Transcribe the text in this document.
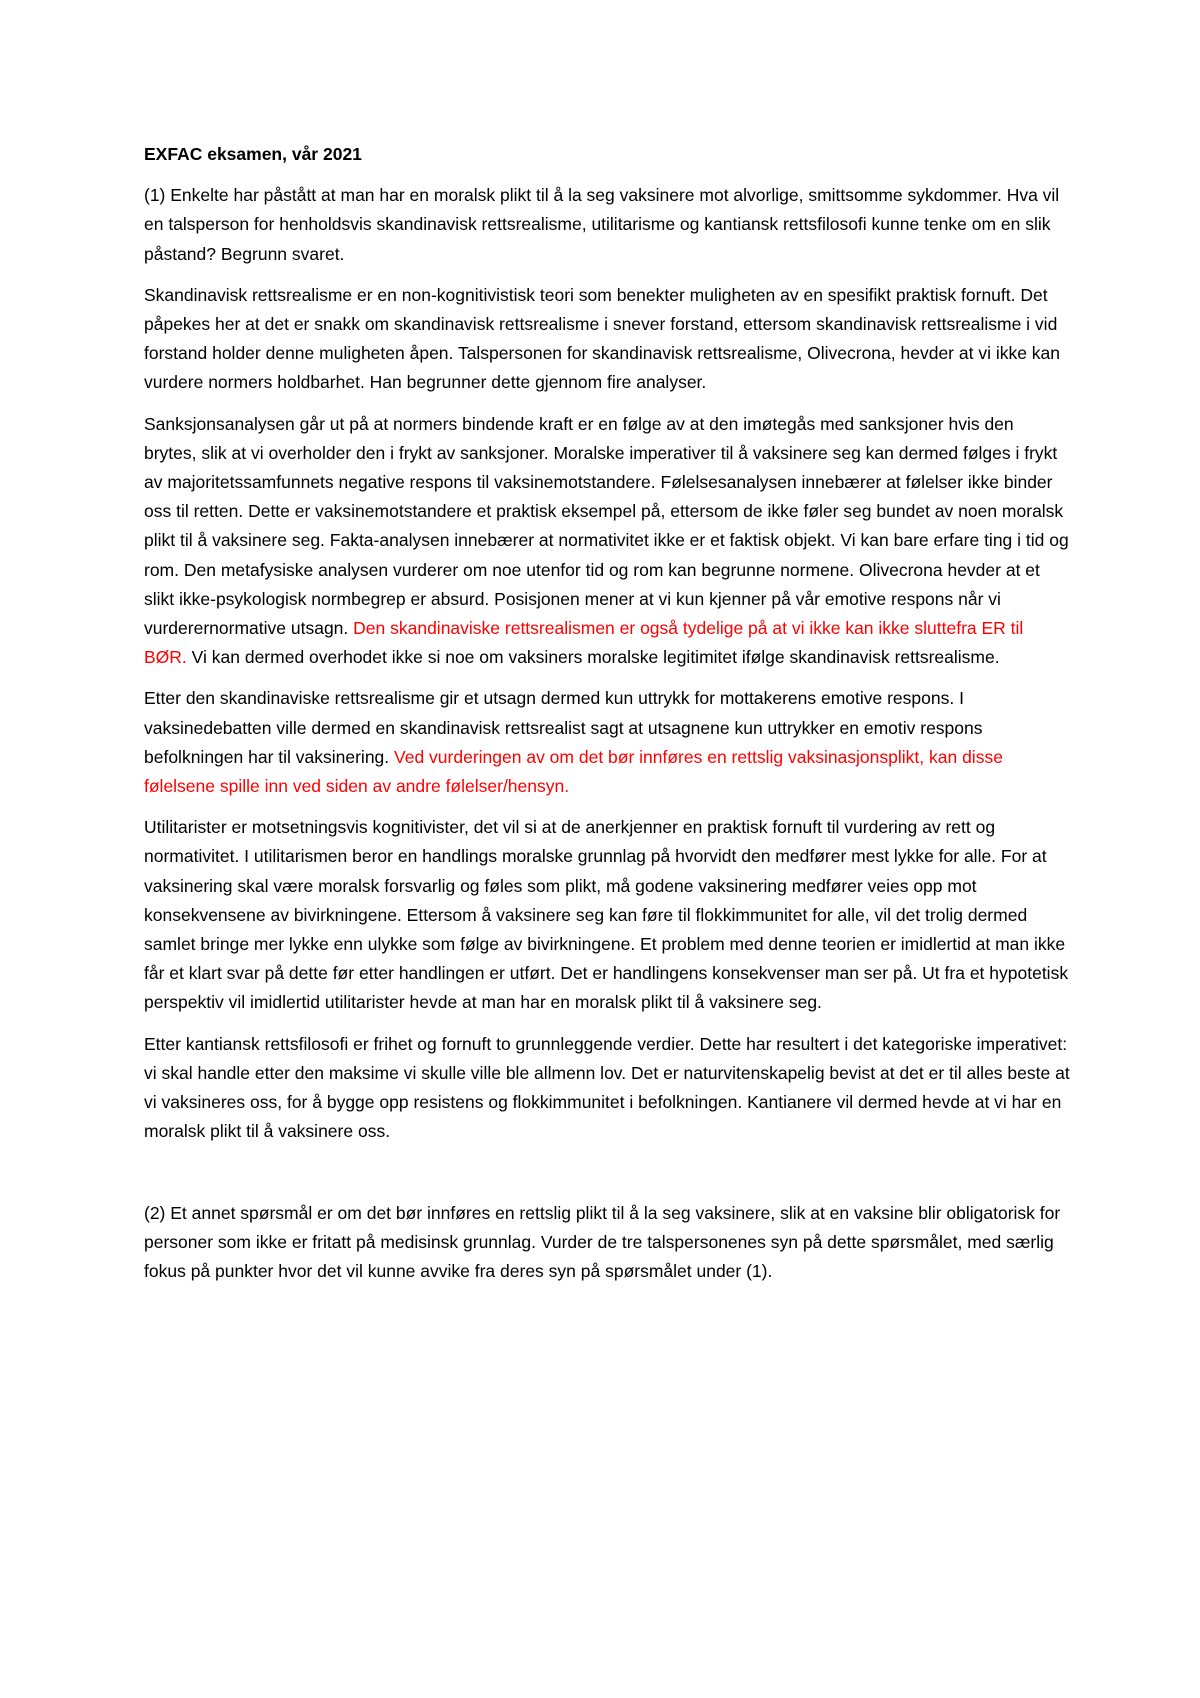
EXFAC eksamen, vår 2021

(1) Enkelte har påstått at man har en moralsk plikt til å la seg vaksinere mot alvorlige, smittsomme sykdommer. Hva vil en talsperson for henholdsvis skandinavisk rettsrealisme, utilitarisme og kantiansk rettsfilosofi kunne tenke om en slik påstand? Begrunn svaret.

Skandinavisk rettsrealisme er en non-kognitivistisk teori som benekter muligheten av en spesifikt praktisk fornuft. Det påpekes her at det er snakk om skandinavisk rettsrealisme i snever forstand, ettersom skandinavisk rettsrealisme i vid forstand holder denne muligheten åpen. Talspersonen for skandinavisk rettsrealisme, Olivecrona, hevder at vi ikke kan vurdere normers holdbarhet. Han begrunner dette gjennom fire analyser.

Sanksjonsanalysen går ut på at normers bindende kraft er en følge av at den imøtegås med sanksjoner hvis den brytes, slik at vi overholder den i frykt av sanksjoner. Moralske imperativer til å vaksinere seg kan dermed følges i frykt av majoritetssamfunnets negative respons til vaksinemotstandere. Følelsesanalysen innebærer at følelser ikke binder oss til retten. Dette er vaksinemotstandere et praktisk eksempel på, ettersom de ikke føler seg bundet av noen moralsk plikt til å vaksinere seg. Fakta-analysen innebærer at normativitet ikke er et faktisk objekt. Vi kan bare erfare ting i tid og rom. Den metafysiske analysen vurderer om noe utenfor tid og rom kan begrunne normene. Olivecrona hevder at et slikt ikke-psykologisk normbegrep er absurd. Posisjonen mener at vi kun kjenner på vår emotive respons når vi vurderernormative utsagn. Den skandinaviske rettsrealismen er også tydelige på at vi ikke kan ikke sluttefra ER til BØR. Vi kan dermed overhodet ikke si noe om vaksiners moralske legitimitet ifølge skandinavisk rettsrealisme.

Etter den skandinaviske rettsrealisme gir et utsagn dermed kun uttrykk for mottakerens emotive respons. I vaksinedebatten ville dermed en skandinavisk rettsrealist sagt at utsagnene kun uttrykker en emotiv respons befolkningen har til vaksinering. Ved vurderingen av om det bør innføres en rettslig vaksinasjonsplikt, kan disse følelsene spille inn ved siden av andre følelser/hensyn.

Utilitarister er motsetningsvis kognitivister, det vil si at de anerkjenner en praktisk fornuft til vurdering av rett og normativitet. I utilitarismen beror en handlings moralske grunnlag på hvorvidt den medfører mest lykke for alle. For at vaksinering skal være moralsk forsvarlig og føles som plikt, må godene vaksinering medfører veies opp mot konsekvensene av bivirkningene. Ettersom å vaksinere seg kan føre til flokkimmunitet for alle, vil det trolig dermed samlet bringe mer lykke enn ulykke som følge av bivirkningene. Et problem med denne teorien er imidlertid at man ikke får et klart svar på dette før etter handlingen er utført. Det er handlingens konsekvenser man ser på. Ut fra et hypotetisk perspektiv vil imidlertid utilitarister hevde at man har en moralsk plikt til å vaksinere seg.

Etter kantiansk rettsfilosofi er frihet og fornuft to grunnleggende verdier. Dette har resultert i det kategoriske imperativet: vi skal handle etter den maksime vi skulle ville ble allmenn lov. Det er naturvitenskapelig bevist at det er til alles beste at vi vaksineres oss, for å bygge opp resistens og flokkimmunitet i befolkningen. Kantianere vil dermed hevde at vi har en moralsk plikt til å vaksinere oss.

(2) Et annet spørsmål er om det bør innføres en rettslig plikt til å la seg vaksinere, slik at en vaksine blir obligatorisk for personer som ikke er fritatt på medisinsk grunnlag. Vurder de tre talspersonenes syn på dette spørsmålet, med særlig fokus på punkter hvor det vil kunne avvike fra deres syn på spørsmålet under (1).
